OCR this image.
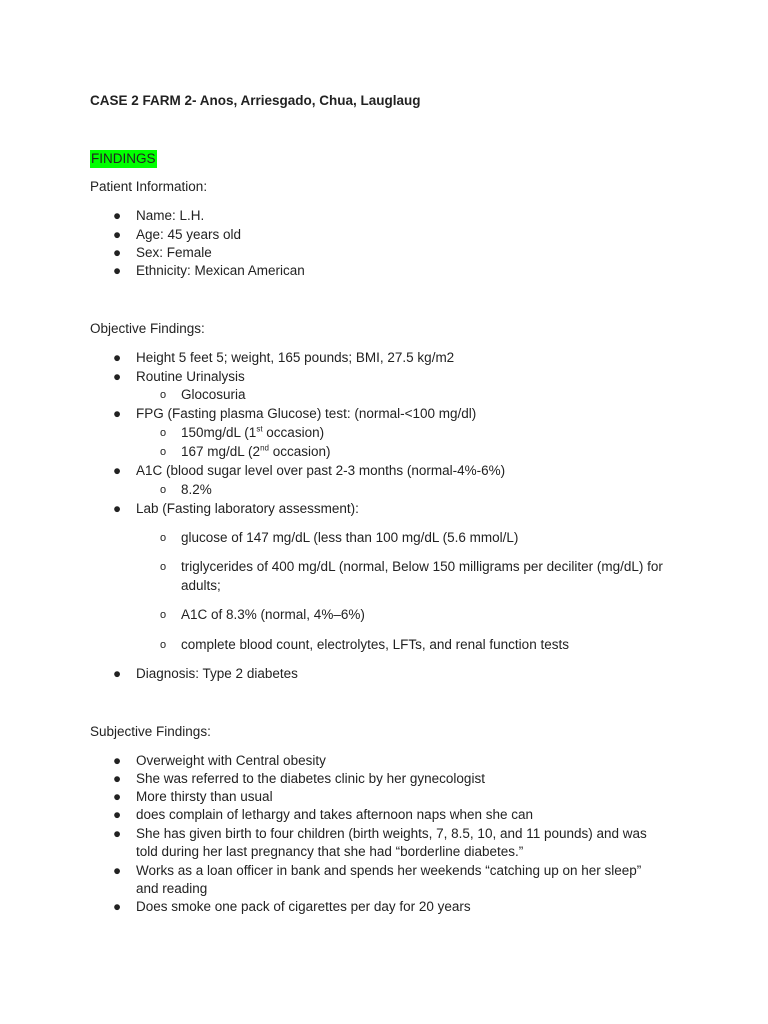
CASE 2 FARM 2- Anos, Arriesgado, Chua, Lauglaug

FINDINGS

Patient Information:

● Name: L.H.
● Age: 45 years old
● Sex: Female
● Ethnicity: Mexican American

Objective Findings:

● Height 5 feet 5; weight, 165 pounds; BMI, 27.5 kg/m2
● Routine Urinalysis
o Glocosuria
● FPG (Fasting plasma Glucose) test: (normal-<100 mg/dl)
o 150mg/dL (1st occasion)
o 167 mg/dL (2nd occasion)
● A1C (blood sugar level over past 2-3 months (normal-4%-6%)
o 8.2%
● Lab (Fasting laboratory assessment):
o glucose of 147 mg/dL (less than 100 mg/dL (5.6 mmol/L)
o triglycerides of 400 mg/dL (normal, Below 150 milligrams per deciliter (mg/dL) for
adults;
o A1C of 8.3% (normal, 4%–6%)
o complete blood count, electrolytes, LFTs, and renal function tests
● Diagnosis: Type 2 diabetes

Subjective Findings:

● Overweight with Central obesity
● She was referred to the diabetes clinic by her gynecologist
● More thirsty than usual
● does complain of lethargy and takes afternoon naps when she can
● She has given birth to four children (birth weights, 7, 8.5, 10, and 11 pounds) and was
told during her last pregnancy that she had “borderline diabetes.”
● Works as a loan officer in bank and spends her weekends “catching up on her sleep”
and reading
● Does smoke one pack of cigarettes per day for 20 years
